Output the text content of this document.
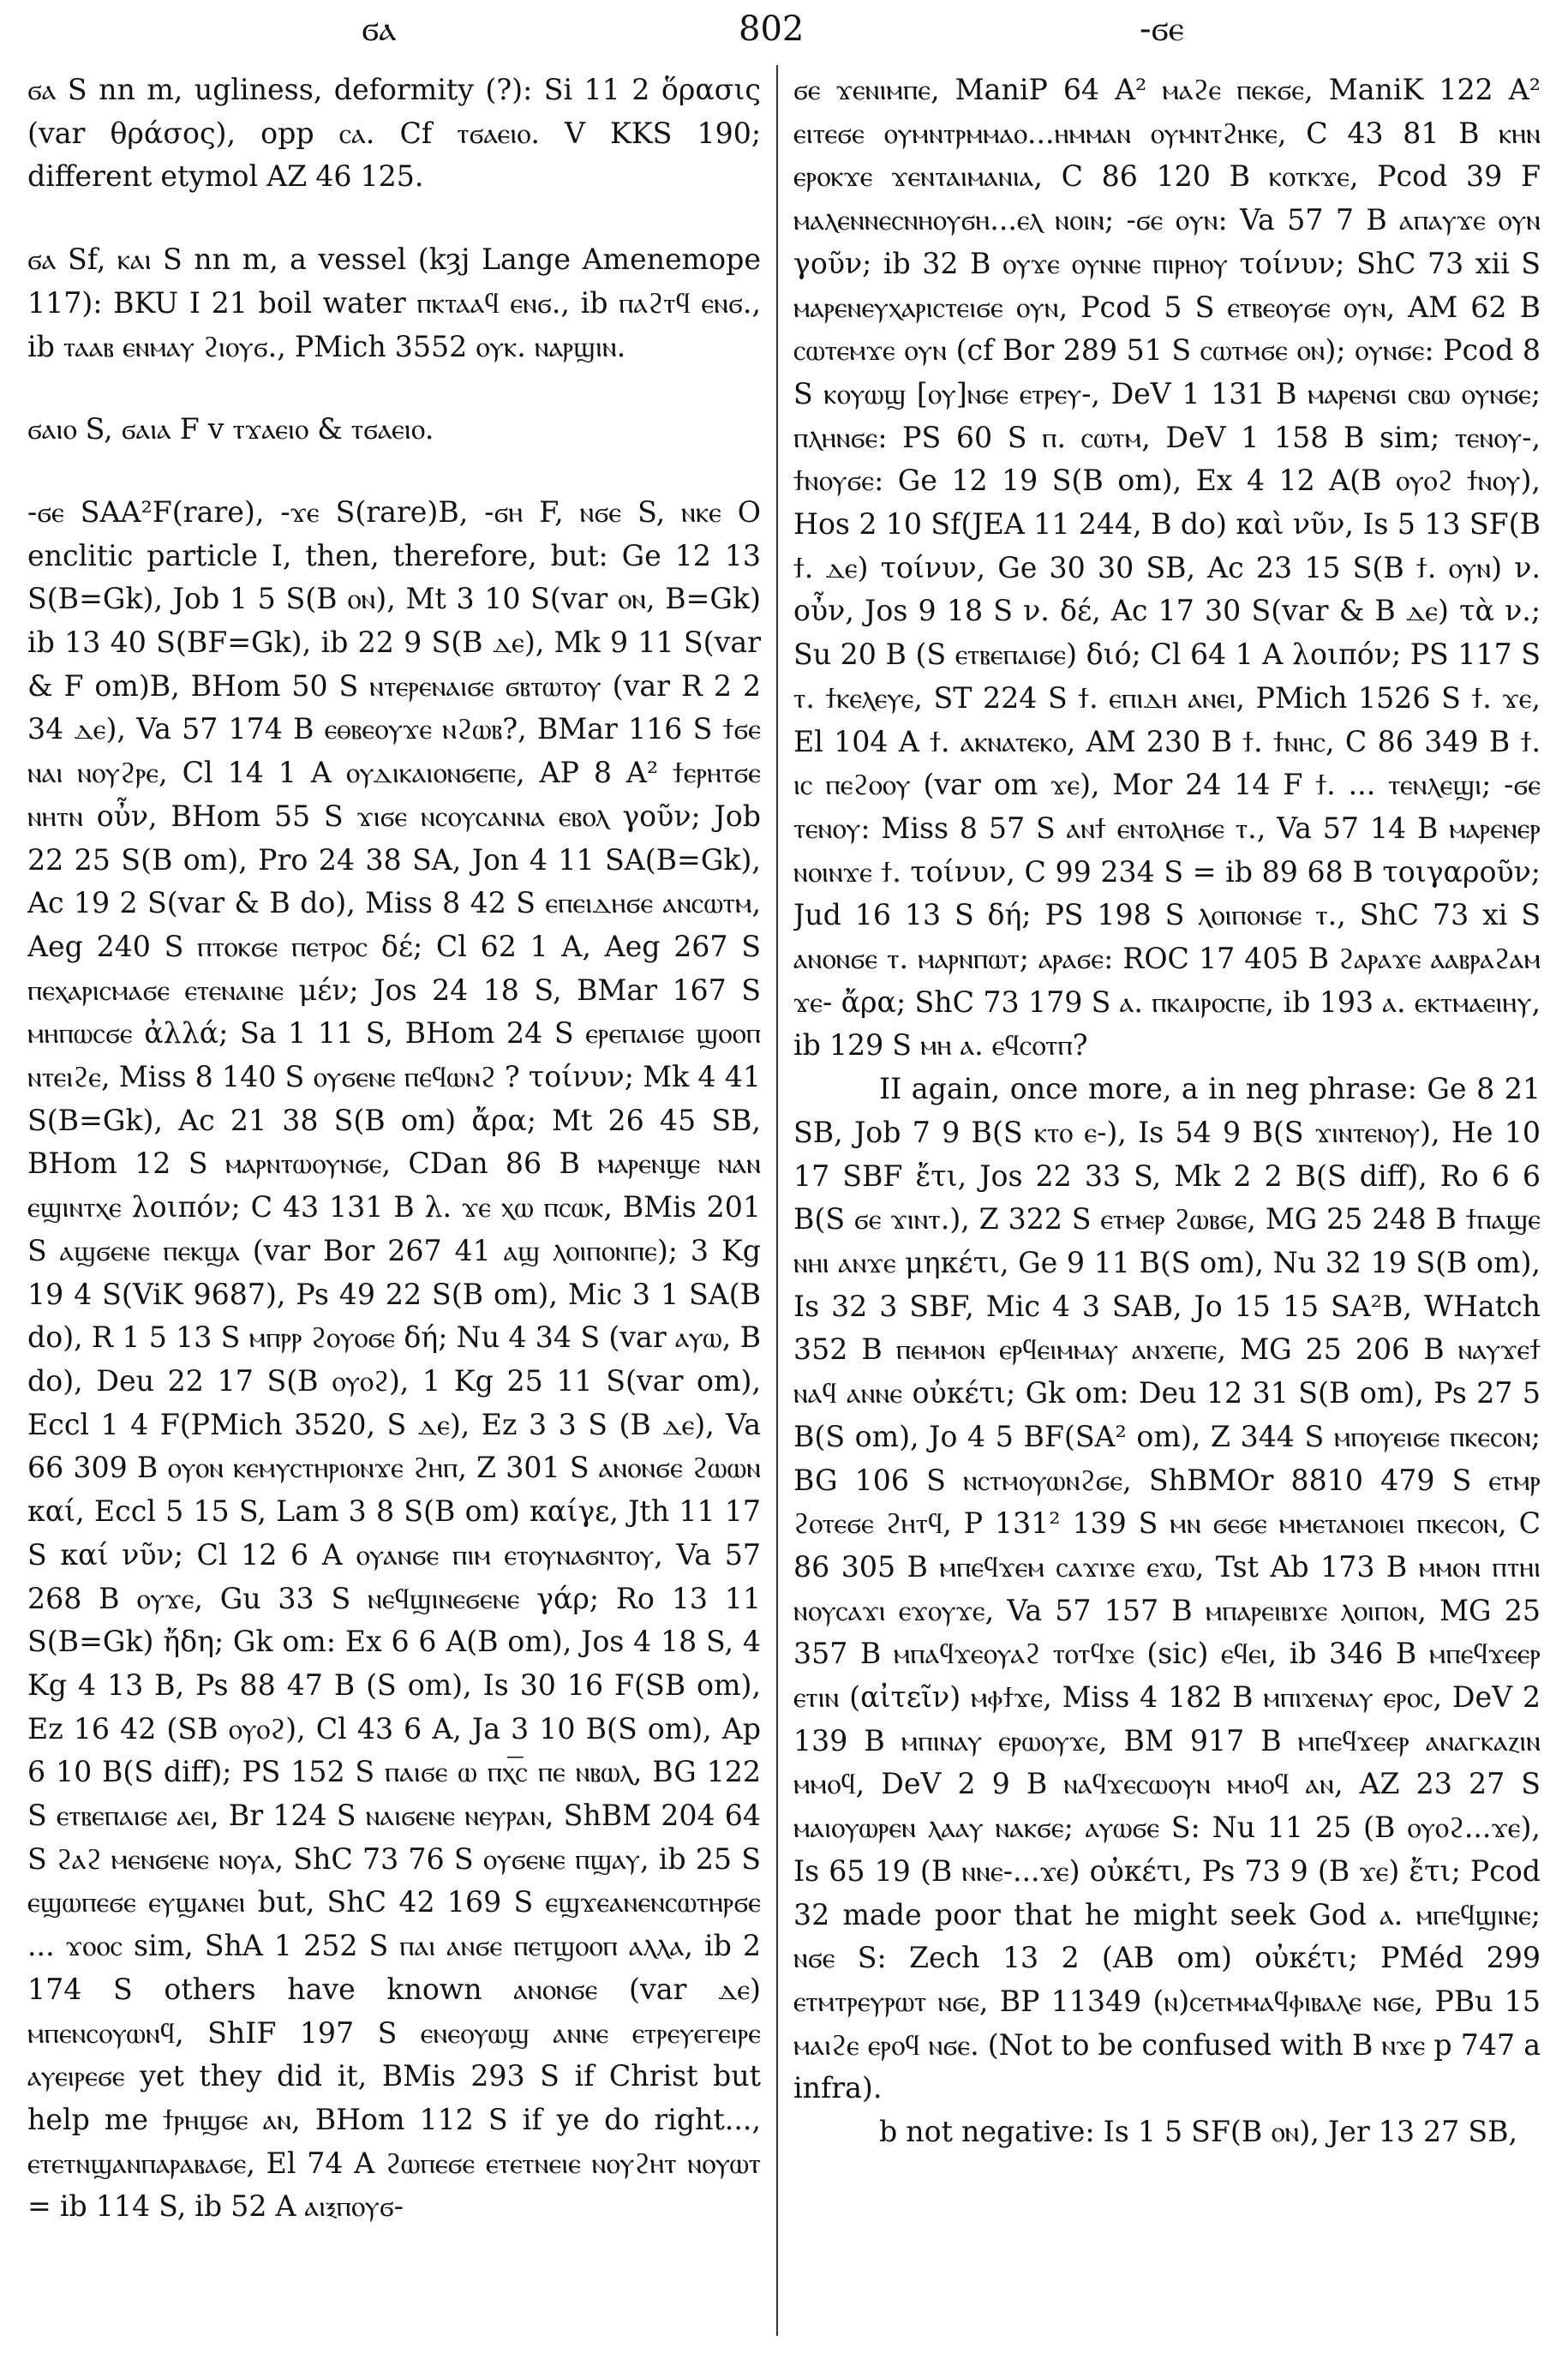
ϭⲁ	802	-ϭⲉ

ϭⲁ S nn m, ugliness, deformity (?): Si 11 2 ὅρασις (var θράσος), opp ⲥⲁ. Cf ⲧϭⲁⲉⲓⲟ. V KKS 190; different etymol AZ 46 125.

ϭⲁ Sf, ⲕⲁⲓ S nn m, a vessel (kȝj Lange Amenemope 117): BKU I 21 boil water ⲡⲕⲧⲁⲁϥ ⲉⲛϭ., ib ⲡⲁϩⲧϥ ⲉⲛϭ., ib ⲧⲁⲁⲃ ⲉⲛⲙⲁⲩ ϩⲓⲟⲩϭ., PMich 3552 ⲟⲩⲕ. ⲛⲁⲣϣⲓⲛ.

ϭⲁⲓⲟ S, ϭⲁⲓⲁ F v ⲧϫⲁⲉⲓⲟ & ⲧϭⲁⲉⲓⲟ.

-ϭⲉ SAA²F(rare), -ϫⲉ S(rare)B, -ϭⲏ F, ⲛϭⲉ S, ⲛⲕⲉ O enclitic particle I, then, therefore, but: Ge 12 13 S(B=Gk), Job 1 5 S(B ⲟⲛ), Mt 3 10 S(var ⲟⲛ, B=Gk) ib 13 40 S(BF=Gk), ib 22 9 S(B ⲇⲉ), Mk 9 11 S(var & F om)B, BHom 50 S ⲛⲧⲉⲣⲉⲛⲁⲓϭⲉ ϭⲃⲧⲱⲧⲟⲩ (var R 2 2 34 ⲇⲉ), Va 57 174 B ⲉⲑⲃⲉⲟⲩϫⲉ ⲛϩⲱⲃ?, BMar 116 S ϯϭⲉ ⲛⲁⲓ ⲛⲟⲩϩⲣⲉ, Cl 14 1 A ⲟⲩⲇⲓⲕⲁⲓⲟⲛϭⲉⲡⲉ, AP 8 A² ϯⲉⲣⲏⲧϭⲉ ⲛⲏⲧⲛ οὖν, BHom 55 S ϫⲓϭⲉ ⲛⲥⲟⲩⲥⲁⲛⲛⲁ ⲉⲃⲟⲗ γοῦν; Job 22 25 S(B om), Pro 24 38 SA, Jon 4 11 SA(B=Gk), Ac 19 2 S(var & B do), Miss 8 42 S ⲉⲡⲉⲓⲇⲏϭⲉ ⲁⲛⲥⲱⲧⲙ, Aeg 240 S ⲡⲧⲟⲕϭⲉ ⲡⲉⲧⲣⲟⲥ δέ; Cl 62 1 A, Aeg 267 S ⲡⲉⲭⲁⲣⲓⲥⲙⲁϭⲉ ⲉⲧⲉⲛⲁⲓⲛⲉ μέν; Jos 24 18 S, BMar 167 S ⲙⲏⲡⲱⲥϭⲉ ἀλλά; Sa 1 11 S, BHom 24 S ⲉⲣⲉⲡⲁⲓϭⲉ ϣⲟⲟⲡ ⲛⲧⲉⲓϩⲉ, Miss 8 140 S ⲟⲩϭⲉⲛⲉ ⲡⲉϥⲱⲛϩ ? τοίνυν; Mk 4 41 S(B=Gk), Ac 21 38 S(B om) ἄρα; Mt 26 45 SB, BHom 12 S ⲙⲁⲣⲛⲧⲱⲟⲩⲛϭⲉ, CDan 86 B ⲙⲁⲣⲉⲛϣⲉ ⲛⲁⲛ ⲉϣⲓⲛⲧⲭⲉ λοιπόν; C 43 131 B λ. ϫⲉ ⲭⲱ ⲡⲥⲱⲕ, BMis 201 S ⲁϣϭⲉⲛⲉ ⲡⲉⲕϣⲁ (var Bor 267 41 ⲁϣ ⲗⲟⲓⲡⲟⲛⲡⲉ); 3 Kg 19 4 S(ViK 9687), Ps 49 22 S(B om), Mic 3 1 SA(B do), R 1 5 13 S ⲙⲡⲣⲣ ϩⲟⲩⲟϭⲉ δή; Nu 4 34 S (var ⲁⲩⲱ, B do), Deu 22 17 S(B ⲟⲩⲟϩ), 1 Kg 25 11 S(var om), Eccl 1 4 F(PMich 3520, S ⲇⲉ), Ez 3 3 S (B ⲇⲉ), Va 66 309 B ⲟⲩⲟⲛ ⲕⲉⲙⲩⲥⲧⲏⲣⲓⲟⲛϫⲉ ϩⲏⲡ, Z 301 S ⲁⲛⲟⲛϭⲉ ϩⲱⲱⲛ καί, Eccl 5 15 S, Lam 3 8 S(B om) καίγε, Jth 11 17 S καί νῦν; Cl 12 6 A ⲟⲩⲁⲛϭⲉ ⲡⲓⲙ ⲉⲧⲟⲩⲛⲁϭⲛⲧⲟⲩ, Va 57 268 B ⲟⲩϫⲉ, Gu 33 S ⲛⲉϥϣⲓⲛⲉϭⲉⲛⲉ γάρ; Ro 13 11 S(B=Gk) ἤδη; Gk om: Ex 6 6 A(B om), Jos 4 18 S, 4 Kg 4 13 B, Ps 88 47 B (S om), Is 30 16 F(SB om), Ez 16 42 (SB ⲟⲩⲟϩ), Cl 43 6 A, Ja 3 10 B(S om), Ap 6 10 B(S diff); PS 152 S ⲡⲁⲓϭⲉ ⲱ ⲡⲭ͞ⲥ ⲡⲉ ⲛⲃⲱⲗ, BG 122 S ⲉⲧⲃⲉⲡⲁⲓϭⲉ ⲁⲉⲓ, Br 124 S ⲛⲁⲓϭⲉⲛⲉ ⲛⲉⲩⲣⲁⲛ, ShBM 204 64 S ϩⲁϩ ⲙⲉⲛϭⲉⲛⲉ ⲛⲟⲩⲁ, ShC 73 76 S ⲟⲩϭⲉⲛⲉ ⲡϣⲁⲩ, ib 25 S ⲉϣⲱⲡⲉϭⲉ ⲉⲩϣⲁⲛⲉⲓ but, ShC 42 169 S ⲉϣϫⲉⲁⲛⲉⲛⲥⲱⲧⲏⲣϭⲉ ... ϫⲟⲟⲥ sim, ShA 1 252 S ⲡⲁⲓ ⲁⲛϭⲉ ⲡⲉⲧϣⲟⲟⲡ ⲁⲗⲗⲁ, ib 2 174 S others have known ⲁⲛⲟⲛϭⲉ (var ⲇⲉ) ⲙⲡⲉⲛⲥⲟⲩⲱⲛϥ, ShIF 197 S ⲉⲛⲉⲟⲩⲱϣ ⲁⲛⲛⲉ ⲉⲧⲣⲉⲩⲉⲅⲉⲓⲣⲉ ⲁⲩⲉⲓⲣⲉϭⲉ yet they did it, BMis 293 S if Christ but help me ϯⲣⲏϣϭⲉ ⲁⲛ, BHom 112 S if ye do right..., ⲉⲧⲉⲧⲛϣⲁⲛⲡⲁⲣⲁⲃⲁϭⲉ, El 74 A ϩⲱⲡⲉϭⲉ ⲉⲧⲉⲧⲛⲉⲓⲉ ⲛⲟⲩϩⲏⲧ ⲛⲟⲩⲱⲧ = ib 114 S, ib 52 A ⲁⲓⲝⲡⲟⲩϭ-

ϭⲉ ϫⲉⲛⲓⲙⲡⲉ, ManiP 64 A² ⲙⲁϩⲉ ⲡⲉⲕϭⲉ, ManiK 122 A² ⲉⲓⲧⲉϭⲉ ⲟⲩⲙⲛⲧⲣⲙⲙⲁⲟ...ⲏⲙⲙⲁⲛ ⲟⲩⲙⲛⲧϩⲏⲕⲉ, C 43 81 B ⲕⲏⲛ ⲉⲣⲟⲕϫⲉ ϫⲉⲛⲧⲁⲓⲙⲁⲛⲓⲁ, C 86 120 B ⲕⲟⲧⲕϫⲉ, Pcod 39 F ⲙⲁⲗⲉⲛⲛⲉⲥⲛⲏⲟⲩϭⲏ...ⲉⲗ ⲛⲟⲓⲛ; -ϭⲉ ⲟⲩⲛ: Va 57 7 B ⲁⲡⲁⲩϫⲉ ⲟⲩⲛ γοῦν; ib 32 B ⲟⲩϫⲉ ⲟⲩⲛⲛⲉ ⲡⲓⲣⲏⲟⲩ τοίνυν; ShC 73 xii S ⲙⲁⲣⲉⲛⲉⲩⲭⲁⲣⲓⲥⲧⲉⲓϭⲉ ⲟⲩⲛ, Pcod 5 S ⲉⲧⲃⲉⲟⲩϭⲉ ⲟⲩⲛ, AM 62 B ⲥⲱⲧⲉⲙϫⲉ ⲟⲩⲛ (cf Bor 289 51 S ⲥⲱⲧⲙϭⲉ ⲟⲛ); ⲟⲩⲛϭⲉ: Pcod 8 S ⲕⲟⲩⲱϣ [ⲟⲩ]ⲛϭⲉ ⲉⲧⲣⲉⲩ-, DeV 1 131 B ⲙⲁⲣⲉⲛϭⲓ ⲥⲃⲱ ⲟⲩⲛϭⲉ; ⲡⲗⲏⲛϭⲉ: PS 60 S ⲡ. ⲥⲱⲧⲙ, DeV 1 158 B sim; ⲧⲉⲛⲟⲩ-, ϯⲛⲟⲩϭⲉ: Ge 12 19 S(B om), Ex 4 12 A(B ⲟⲩⲟϩ ϯⲛⲟⲩ), Hos 2 10 Sf(JEA 11 244, B do) καὶ νῦν, Is 5 13 SF(B ϯ. ⲇⲉ) τοίνυν, Ge 30 30 SB, Ac 23 15 S(B ϯ. ⲟⲩⲛ) ν. οὖν, Jos 9 18 S ν. δέ, Ac 17 30 S(var & B ⲇⲉ) τὰ ν.; Su 20 B (S ⲉⲧⲃⲉⲡⲁⲓϭⲉ) διό; Cl 64 1 A λοιπόν; PS 117 S ⲧ. ϯⲕⲉⲗⲉⲩⲉ, ST 224 S ϯ. ⲉⲡⲓⲇⲏ ⲁⲛⲉⲓ, PMich 1526 S ϯ. ϫⲉ, El 104 A ϯ. ⲁⲕⲛⲁⲧⲉⲕⲟ, AM 230 B ϯ. ϯⲛⲏⲥ, C 86 349 B ϯ. ⲓⲥ ⲡⲉϩⲟⲟⲩ (var om ϫⲉ), Mor 24 14 F ϯ. ... ⲧⲉⲛⲗⲉϣⲓ; -ϭⲉ ⲧⲉⲛⲟⲩ: Miss 8 57 S ⲁⲛϯ ⲉⲛⲧⲟⲗⲏϭⲉ ⲧ., Va 57 14 B ⲙⲁⲣⲉⲛⲉⲣ ⲛⲟⲓⲛϫⲉ ϯ. τοίνυν, C 99 234 S = ib 89 68 B τοιγαροῦν; Jud 16 13 S δή; PS 198 S ⲗⲟⲓⲡⲟⲛϭⲉ ⲧ., ShC 73 xi S ⲁⲛⲟⲛϭⲉ ⲧ. ⲙⲁⲣⲛⲡⲱⲧ; ⲁⲣⲁϭⲉ: ROC 17 405 B ϩⲁⲣⲁϫⲉ ⲁⲁⲃⲣⲁϩⲁⲙ ϫⲉ- ἄρα; ShC 73 179 S ⲁ. ⲡⲕⲁⲓⲣⲟⲥⲡⲉ, ib 193 ⲁ. ⲉⲕⲧⲙⲁⲉⲓⲏⲩ, ib 129 S ⲙⲏ ⲁ. ⲉϥⲥⲟⲧⲡ?

II again, once more, a in neg phrase: Ge 8 21 SB, Job 7 9 B(S ⲕⲧⲟ ⲉ-), Is 54 9 B(S ϫⲓⲛⲧⲉⲛⲟⲩ), He 10 17 SBF ἔτι, Jos 22 33 S, Mk 2 2 B(S diff), Ro 6 6 B(S ϭⲉ ϫⲓⲛⲧ.), Z 322 S ⲉⲧⲙⲉⲣ ϩⲱⲃϭⲉ, MG 25 248 B ϯⲡⲁϣⲉ ⲛⲏⲓ ⲁⲛϫⲉ μηκέτι, Ge 9 11 B(S om), Nu 32 19 S(B om), Is 32 3 SBF, Mic 4 3 SAB, Jo 15 15 SA²B, WHatch 352 B ⲡⲉⲙⲙⲟⲛ ⲉⲣϥⲉⲓⲙⲙⲁⲩ ⲁⲛϫⲉⲡⲉ, MG 25 206 B ⲛⲁⲩϫⲉϯ ⲛⲁϥ ⲁⲛⲛⲉ οὐκέτι; Gk om: Deu 12 31 S(B om), Ps 27 5 B(S om), Jo 4 5 BF(SA² om), Z 344 S ⲙⲡⲟⲩⲉⲓϭⲉ ⲡⲕⲉⲥⲟⲛ; BG 106 S ⲛⲥⲧⲙⲟⲩⲱⲛϩϭⲉ, ShBMOr 8810 479 S ⲉⲧⲙⲣ ϩⲟⲧⲉϭⲉ ϩⲏⲧϥ, P 131² 139 S ⲙⲛ ϭⲉϭⲉ ⲙⲙⲉⲧⲁⲛⲟⲓⲉⲓ ⲡⲕⲉⲥⲟⲛ, C 86 305 B ⲙⲡⲉϥϫⲉⲙ ⲥⲁϫⲓϫⲉ ⲉϫⲱ, Tst Ab 173 B ⲙⲙⲟⲛ ⲡⲧⲏⲓ ⲛⲟⲩⲥⲁϫⲓ ⲉϫⲟⲩϫⲉ, Va 57 157 B ⲙⲡⲁⲣⲉⲓⲃⲓϫⲉ ⲗⲟⲓⲡⲟⲛ, MG 25 357 B ⲙⲡⲁϥϫⲉⲟⲩⲁϩ ⲧⲟⲧϥϫⲉ (sic) ⲉϥⲉⲓ, ib 346 B ⲙⲡⲉϥϫⲉⲉⲣ ⲉⲧⲓⲛ (αἰτεῖν) ⲙⲫϯϫⲉ, Miss 4 182 B ⲙⲡⲓϫⲉⲛⲁⲩ ⲉⲣⲟⲥ, DeV 2 139 B ⲙⲡⲓⲛⲁⲩ ⲉⲣⲱⲟⲩϫⲉ, BM 917 B ⲙⲡⲉϥϫⲉⲉⲣ ⲁⲛⲁⲅⲕⲁⲍⲓⲛ ⲙⲙⲟϥ, DeV 2 9 B ⲛⲁϥϫⲉⲥⲱⲟⲩⲛ ⲙⲙⲟϥ ⲁⲛ, AZ 23 27 S ⲙⲁⲓⲟⲩⲱⲣⲉⲛ ⲗⲁⲁⲩ ⲛⲁⲕϭⲉ; ⲁⲩⲱϭⲉ S: Nu 11 25 (B ⲟⲩⲟϩ...ϫⲉ), Is 65 19 (B ⲛⲛⲉ-...ϫⲉ) οὐκέτι, Ps 73 9 (B ϫⲉ) ἔτι; Pcod 32 made poor that he might seek God ⲁ. ⲙⲡⲉϥϣⲓⲛⲉ; ⲛϭⲉ S: Zech 13 2 (AB om) οὐκέτι; PMéd 299 ⲉⲧⲙⲧⲣⲉⲩⲣⲱⲧ ⲛϭⲉ, BP 11349 (ⲛ)ⲥⲉⲧⲙⲙⲁϥⲫⲓⲃⲁⲗⲉ ⲛϭⲉ, PBu 15 ⲙⲁⲓϩⲉ ⲉⲣⲟϥ ⲛϭⲉ. (Not to be confused with B ⲛϫⲉ p 747 a infra).

b not negative: Is 1 5 SF(B ⲟⲛ), Jer 13 27 SB,
